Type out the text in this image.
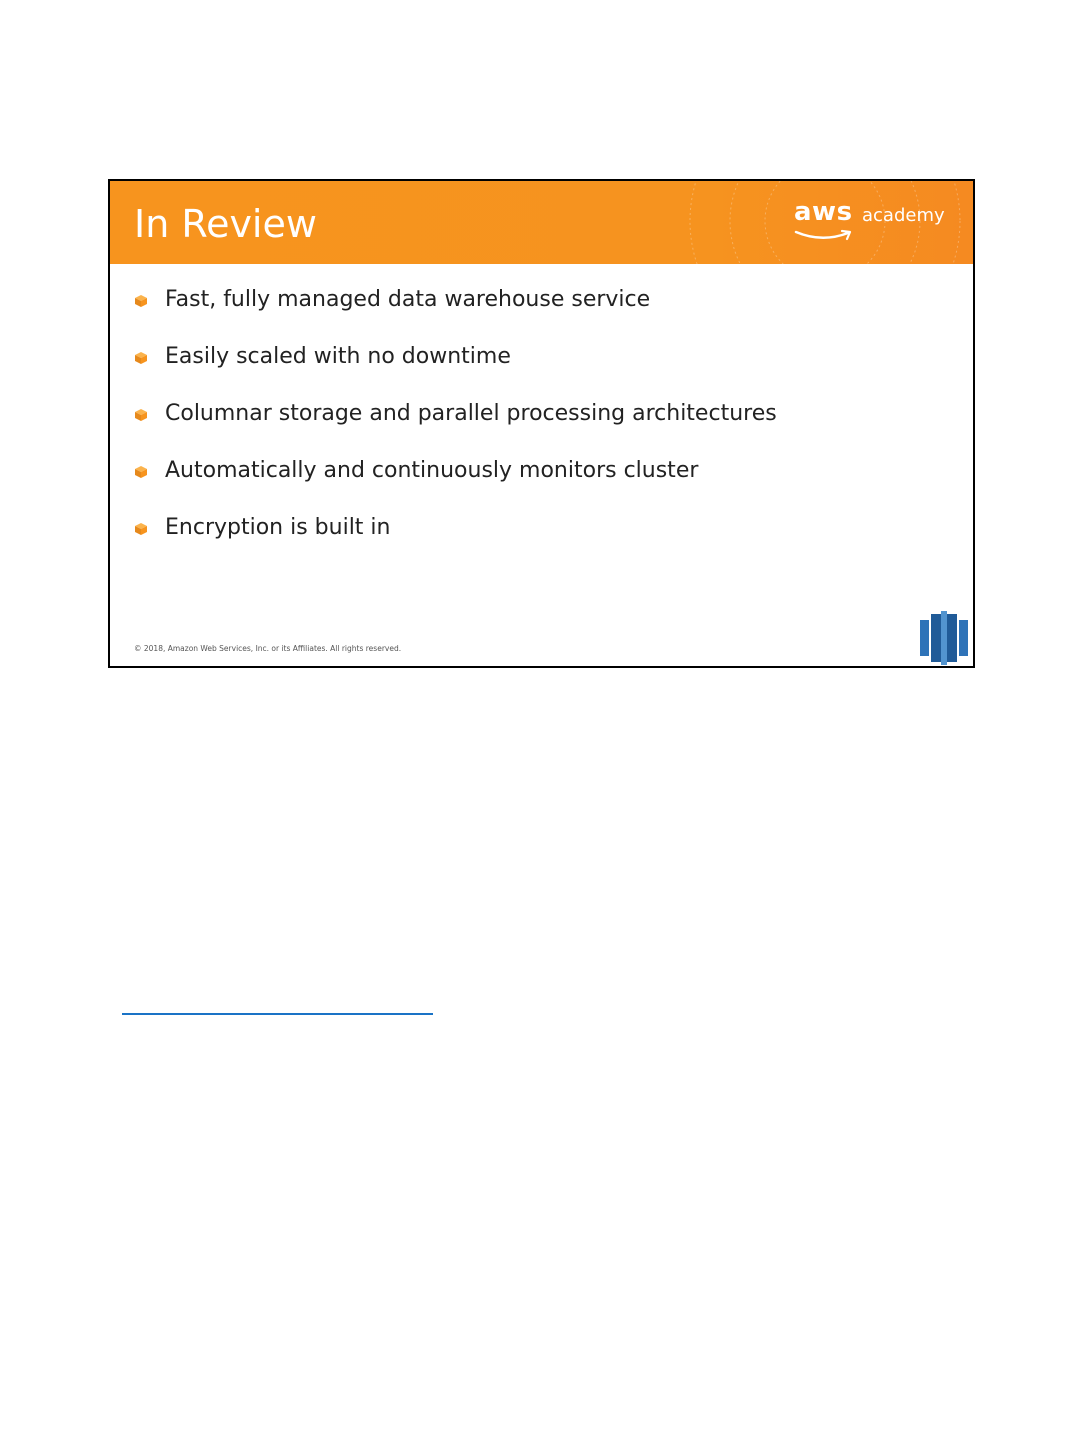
In Review	aws academy
Fast, fully managed data warehouse service
Easily scaled with no downtime
Columnar storage and parallel processing architectures
Automatically and continuously monitors cluster
Encryption is built in
© 2018, Amazon Web Services, Inc. or its Affiliates. All rights reserved.
